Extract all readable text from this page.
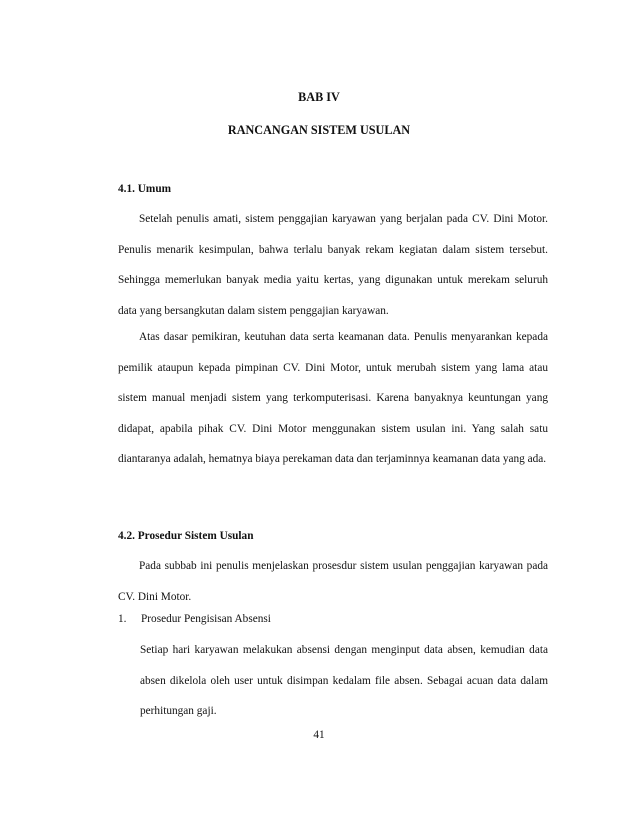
BAB IV
RANCANGAN SISTEM USULAN
4.1. Umum

Setelah penulis amati, sistem penggajian karyawan yang berjalan pada CV. Dini Motor. Penulis menarik kesimpulan, bahwa terlalu banyak rekam kegiatan dalam sistem tersebut. Sehingga memerlukan banyak media yaitu kertas, yang digunakan untuk merekam seluruh data yang bersangkutan dalam sistem penggajian karyawan.

Atas dasar pemikiran, keutuhan data serta keamanan data. Penulis menyarankan kepada pemilik ataupun kepada pimpinan CV. Dini Motor, untuk merubah sistem yang lama atau sistem manual menjadi sistem yang terkomputerisasi. Karena banyaknya keuntungan yang didapat, apabila pihak CV. Dini Motor menggunakan sistem usulan ini. Yang salah satu diantaranya adalah, hematnya biaya perekaman data dan terjaminnya keamanan data yang ada.

4.2. Prosedur Sistem Usulan

Pada subbab ini penulis menjelaskan prosesdur sistem usulan penggajian karyawan pada CV. Dini Motor.

1. Prosedur Pengisisan Absensi

Setiap hari karyawan melakukan absensi dengan menginput data absen, kemudian data absen dikelola oleh user untuk disimpan kedalam file absen. Sebagai acuan data dalam perhitungan gaji.

41
